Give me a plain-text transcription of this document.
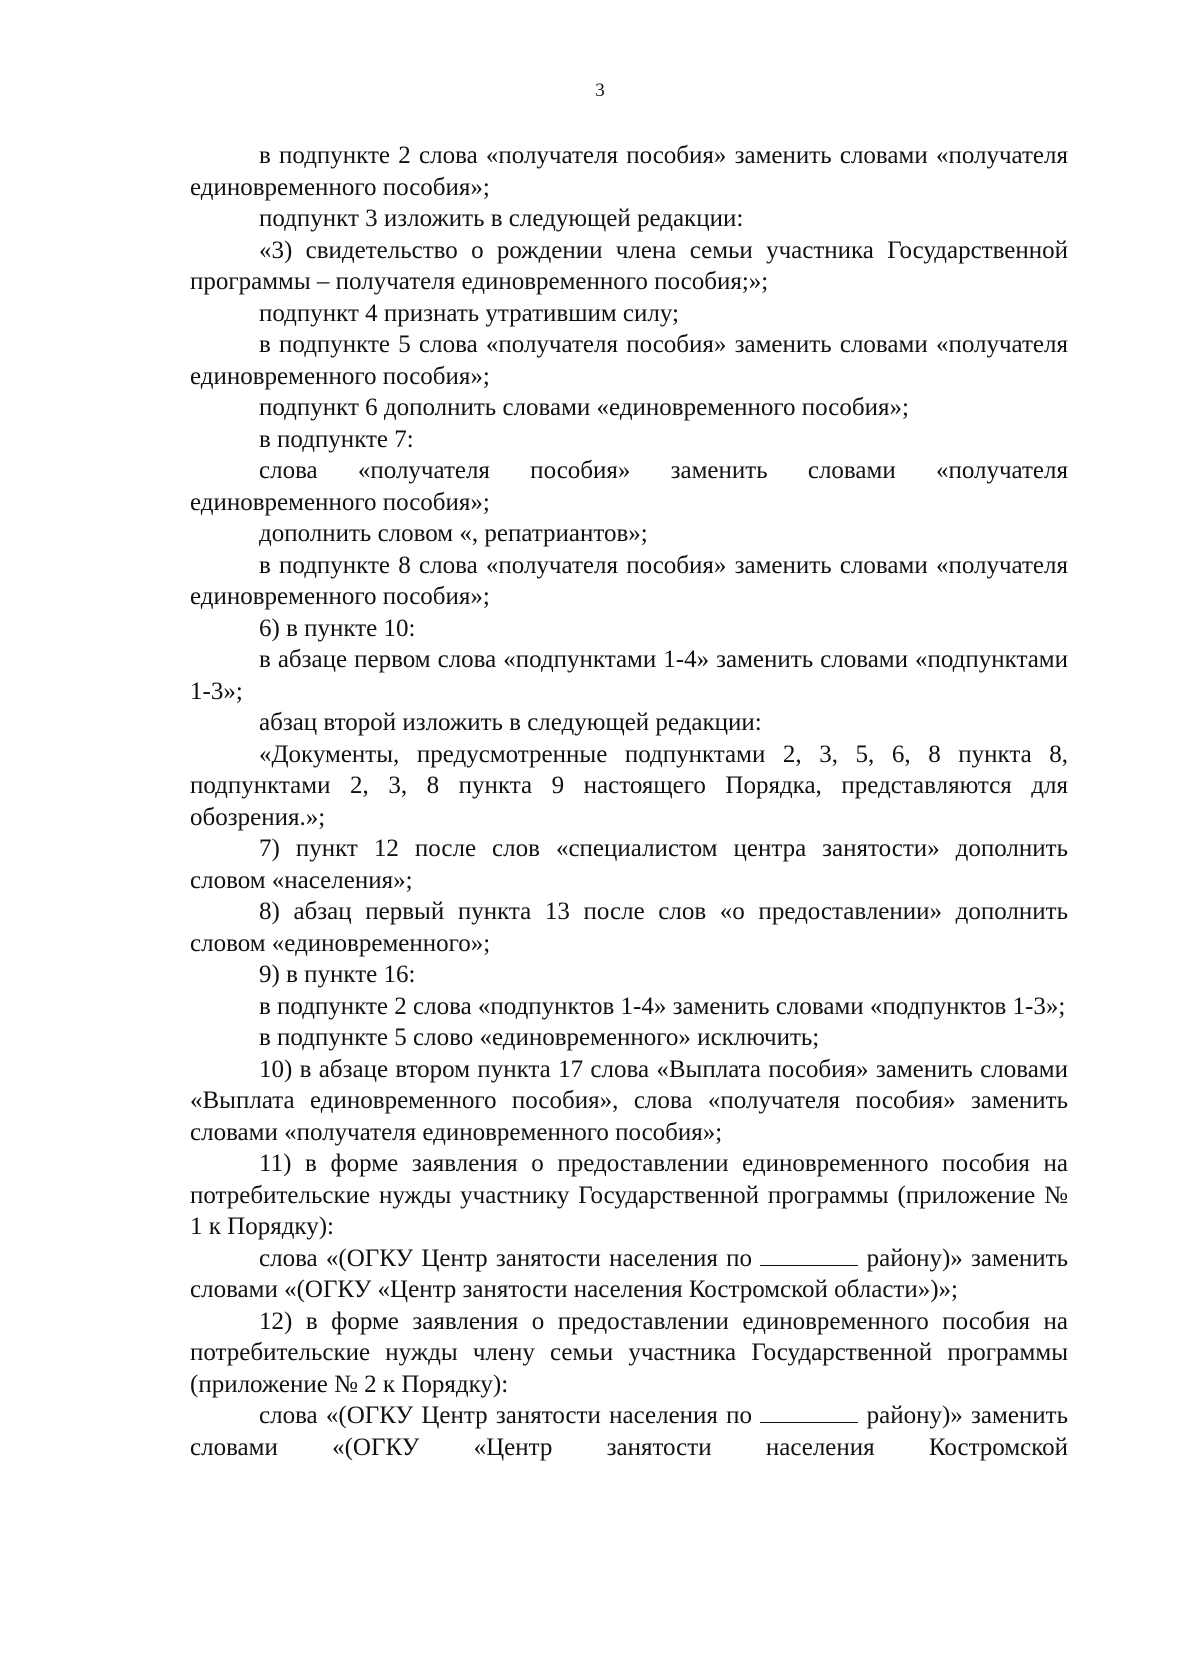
3

в подпункте 2 слова «получателя пособия» заменить словами «получателя единовременного пособия»;

подпункт 3 изложить в следующей редакции:

«3) свидетельство о рождении члена семьи участника Государственной программы – получателя единовременного пособия;»;

подпункт 4 признать утратившим силу;

в подпункте 5 слова «получателя пособия» заменить словами «получателя единовременного пособия»;

подпункт 6 дополнить словами «единовременного пособия»;

в подпункте 7:

слова «получателя пособия» заменить словами «получателя единовременного пособия»;

дополнить словом «, репатриантов»;

в подпункте 8 слова «получателя пособия» заменить словами «получателя единовременного пособия»;

6) в пункте 10:

в абзаце первом слова «подпунктами 1-4» заменить словами «подпунктами 1-3»;

абзац второй изложить в следующей редакции:

«Документы, предусмотренные подпунктами 2, 3, 5, 6, 8 пункта 8, подпунктами 2, 3, 8 пункта 9 настоящего Порядка, представляются для обозрения.»;

7) пункт 12 после слов «специалистом центра занятости» дополнить словом «населения»;

8) абзац первый пункта 13 после слов «о предоставлении» дополнить словом «единовременного»;

9) в пункте 16:

в подпункте 2 слова «подпунктов 1-4» заменить словами «подпунктов 1-3»;

в подпункте 5 слово «единовременного» исключить;

10) в абзаце втором пункта 17 слова «Выплата пособия» заменить словами «Выплата единовременного пособия», слова «получателя пособия» заменить словами «получателя единовременного пособия»;

11) в форме заявления о предоставлении единовременного пособия на потребительские нужды участнику Государственной программы (приложение № 1 к Порядку):

слова «(ОГКУ Центр занятости населения по	району)» заменить словами «(ОГКУ «Центр занятости населения Костромской области»)»;

12) в форме заявления о предоставлении единовременного пособия на потребительские нужды члену семьи участника Государственной программы (приложение № 2 к Порядку):

слова «(ОГКУ Центр занятости населения по	району)» заменить словами «(ОГКУ «Центр занятости населения Костромской
